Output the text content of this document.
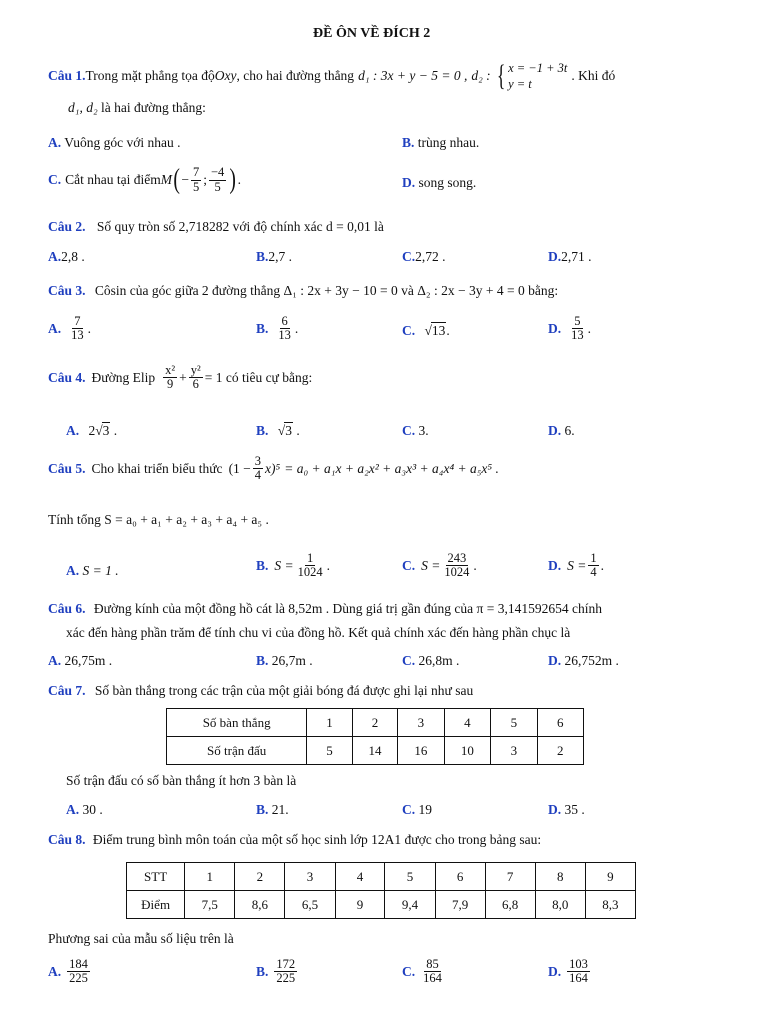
ĐỀ ÔN VỀ ĐÍCH 2
Câu 1. Trong mặt phẳng tọa độ Oxy , cho hai đường thẳng d₁ : 3x + y − 5 = 0 , d₂ : { x = −1 + 3t
y = t
. Khi đó
d₁, d₂ là hai đường thẳng:
A. Vuông góc với nhau .	B. trùng nhau.
C. Cắt nhau tại điểm M ( − $\frac{7}{5}$ ; $\frac{-4}{5}$ ) .	D. song song.
Câu 2. Số quy tròn số 2,718282 với độ chính xác d = 0,01 là
A.2,8 .	B.2,7 .	C.2,72 .	D.2,71 .
Câu 3. Côsin của góc giữa 2 đường thẳng Δ₁ : 2x + 3y − 10 = 0 và Δ₂ : 2x − 3y + 4 = 0 bằng:
A. $\frac{7}{13}$ .	B. $\frac{6}{13}$ .	C. √13.	D. $\frac{5}{13}$ .
Câu 4. Đường Elip $\frac{\text{x²}}{9} + \frac{\text{y²}}{6} = 1$ có tiêu cự bằng:
A. 2√3 .	B. √3 .	C. 3.	D. 6.
Câu 5. Cho khai triển biểu thức $(1 - \frac{3}{4} x)^5 = a_0 + a_1x + a_2x^2 + a_3x^3 + a_4x^4 + a_5x^5$ .
Tính tổng S = a₀ + a₁ + a₂ + a₃ + a₄ + a₅ .
A. S = 1 .	B. $S = \frac{1}{1024}$ .	C. $S = \frac{243}{1024}$ .	D. $S = \frac{1}{4}$ .
Câu 6. Đường kính của một đồng hồ cát là 8,52m . Dùng giá trị gần đúng của π = 3,141592654 chính
xác đến hàng phần trăm để tính chu vi của đồng hồ. Kết quả chính xác đến hàng phần chục là
A. 26,75m .	B. 26,7m .	C. 26,8m .	D. 26,752m .
Câu 7. Số bàn thắng trong các trận của một giải bóng đá được ghi lại như sau
Số bàn thắng	1	2	3	4	5	6
Số trận đấu	5	14	16	10	3	2
Số trận đấu có số bàn thắng ít hơn 3 bàn là
A. 30 .	B. 21.	C. 19	D. 35 .
Câu 8. Điểm trung bình môn toán của một số học sinh lớp 12A1 được cho trong bảng sau:
STT	1	2	3	4	5	6	7	8	9
Điểm	7,5	8,6	6,5	9	9,4	7,9	6,8	8,0	8,3
Phương sai của mẫu số liệu trên là
A. $\frac{184}{225}$	B. $\frac{172}{225}$	C. $\frac{85}{164}$	D. $\frac{103}{164}$
